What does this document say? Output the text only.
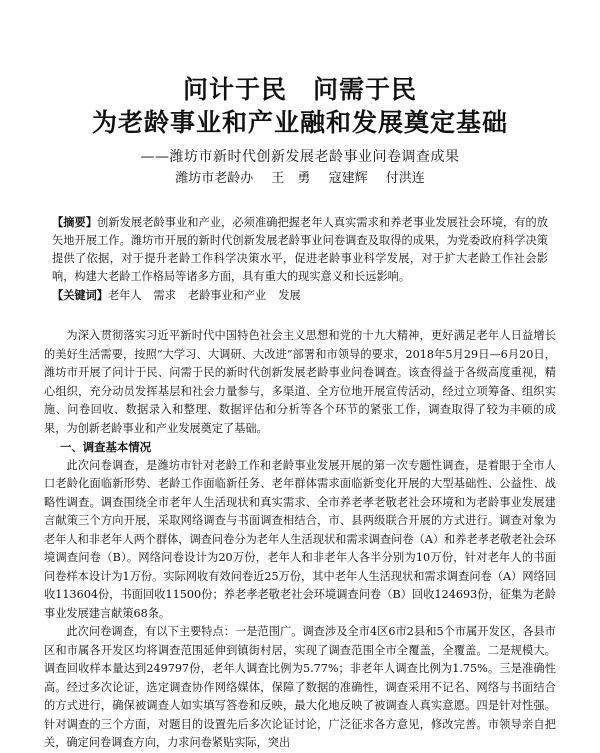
问计于民　问需于民
为老龄事业和产业融和发展奠定基础
——潍坊市新时代创新发展老龄事业问卷调查成果
潍坊市老龄办 王　勇 寇建辉 付洪连

【摘要】创新发展老龄事业和产业，必须准确把握老年人真实需求和养老事业发展社会环境，有的放矢地开展工作。潍坊市开展的新时代创新发展老龄事业问卷调查及取得的成果，为党委政府科学决策提供了依据，对于提升老龄工作科学决策水平，促进老龄事业科学发展，对于扩大老龄工作社会影响，构建大老龄工作格局等诸多方面，具有重大的现实意义和长远影响。

【关键词】老年人 需求 老龄事业和产业 发展

为深入贯彻落实习近平新时代中国特色社会主义思想和党的十九大精神，更好满足老年人日益增长的美好生活需要，按照“大学习、大调研、大改进”部署和市领导的要求，2018年5月29日—6月20日，潍坊市开展了问计于民、问需于民的新时代创新发展老龄事业问卷调查。该查得益于各级高度重视，精心组织，充分动员发挥基层和社会力量参与，多渠道、全方位地开展宣传活动，经过立项筹备、组织实施、问卷回收、数据录入和整理、数据评估和分析等各个环节的紧张工作，调查取得了较为丰硕的成果，为创新老龄事业和产业发展奠定了基础。

一、调查基本情况

此次问卷调查，是潍坊市针对老龄工作和老龄事业发展开展的第一次专题性调查，是着眼于全市人口老龄化面临新形势、老龄工作面临新任务、老年群体需求面临新变化开展的大型基础性、公益性、战略性调查。调查围绕全市老年人生活现状和真实需求、全市养老孝老敬老社会环境和为老龄事业发展建言献策三个方向开展，采取网络调查与书面调查相结合，市、县两级联合开展的方式进行。调查对象为老年人和非老年人两个群体，调查问卷分为老年人生活现状和需求调查问卷（A）和养老孝老敬老社会环境调查问卷（B）。网络问卷设计为20万份，老年人和非老年人各半分别为10万份，针对老年人的书面问卷样本设计为1万份。实际网收有效问卷近25万份，其中老年人生活现状和需求调查问卷（A）网络回收113604份，书面回收11500份；养老孝老敬老社会环境调查问卷（B）回收124693份，征集为老龄事业发展建言献策68条。

此次问卷调查，有以下主要特点：一是范围广。调查涉及全市4区6市2县和5个市属开发区，各县市区和市属各开发区均将调查范围延伸到镇街村居，实现了调查范围全市全覆盖，全覆盖。二是规模大。调查回收样本量达到249797份，老年人调查比例为5.77%；非老年人调查比例为1.75%。三是准确性高。经过多次论证，选定调查协作网络媒体，保障了数据的准确性，调查采用不记名、网络与书面结合的方式进行，确保被调查人如实填写答卷和反映，最大化地反映了被调查人真实意愿。四是针对性强。针对调查的三个方面，对题目的设置先后多次论证讨论，广泛征求各方意见，修改完善。市领导亲自把关，确定问卷调查方向，力求问卷紧贴实际，突出
